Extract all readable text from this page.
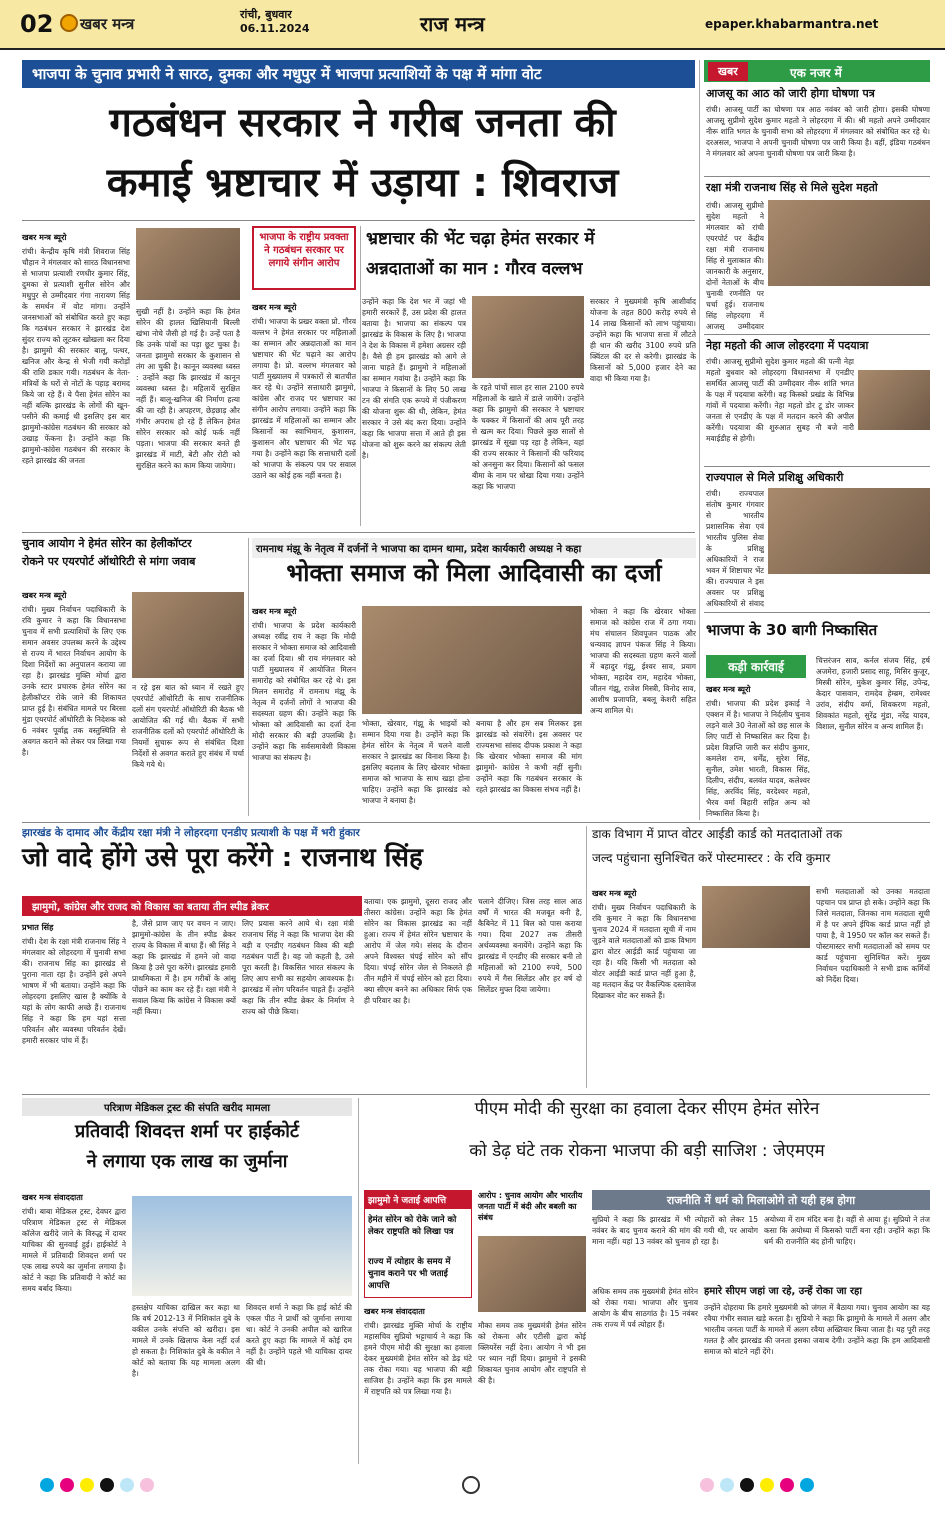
02 खबर मन्त्र
रांची, बुधवार
06.11.2024	राज मन्त्र	epaper.khabarmantra.net
भाजपा के चुनाव प्रभारी ने सारठ, दुमका और मधुपुर में भाजपा प्रत्याशियों के पक्ष में मांगा वोट
गठबंधन सरकार ने गरीब जनता की
कमाई भ्रष्टाचार में उड़ाया : शिवराज
खबर मन्त्र ब्यूरो
रांची। केन्द्रीय कृषि मंत्री शिवराज सिंह चौहान ने मंगलवार को सारठ विधानसभा से भाजपा प्रत्याशी रणधीर कुमार सिंह, दुमका से प्रत्याशी सुनील सोरेन और मधुपुर से उम्मीदवार गंगा नारायण सिंह के समर्थन में वोट मांगा। उन्होंने जनसभाओं को संबोधित करते हुए कहा कि गठबंधन सरकार ने झारखंड देश सुंदर राज्य को लूटकर खोखला कर दिया है। झामुमो की सरकार बालू, पत्थर, खनिज और केन्द्र से भेजी गयी करोड़ों की राशि डकार गयी। गठबंधन के नेता-मंत्रियों के घरों से नोटों के पहाड़ बरामद किये जा रहे हैं। ये पैसा हेमंत सोरेन का नहीं बल्कि झारखंड के लोगों की खून-पसीने की कमाई थी इसलिए इस बार झामुमो-कांग्रेस गठबंधन की सरकार को उखाड़ फेंकना है। उन्होंने कहा कि झामुमो-कांग्रेस गठबंधन की सरकार के रहते झारखंड की जनता
सुखी नहीं है। उन्होंने कहा कि हेमंत सोरेन की हालत खिसियानी बिल्ली खंभा नोचे जैसी हो गई है। उन्हें पता है कि उनके पांवों का पड़ा छूट चुका है। जनता झामुमो सरकार के कुशासन से तंग आ चुकी है। कानून व्यवस्था ध्वस्त : उन्होंने कहा कि झारखंड में कानून व्यवस्था ध्वस्त है। महिलायें सुरक्षित नहीं हैं। बालू-खनिज की निर्माण हत्या की जा रही है। अपहरण, छेड़छाड़ और गंभीर अपराध हो रहे हैं लेकिन हेमंत सोरेन सरकार को कोई फर्क नहीं पड़ता। भाजपा की सरकार बनते ही झारखंड में माटी, बेटी और रोटी को सुरक्षित करने का काम किया जायेगा।
भाजपा के राष्ट्रीय प्रवक्ता ने गठबंधन सरकार पर लगाये संगीन आरोप
भ्रष्टाचार की भेंट चढ़ा हेमंत सरकार में
अन्नदाताओं का मान : गौरव वल्लभ
खबर मन्त्र ब्यूरो
रांची। भाजपा के प्रखर वक्ता प्रो. गौरव वल्लभ ने हेमंत सरकार पर महिलाओं का सम्मान और अन्नदाताओं का मान भ्रष्टाचार की भेंट चढ़ाने का आरोप लगाया है। प्रो. वल्लभ मंगलवार को पार्टी मुख्यालय में पत्रकारों से बातचीत कर रहे थे। उन्होंने सत्ताधारी झामुमो, कांग्रेस और राजद पर भ्रष्टाचार का संगीन आरोप लगाया। उन्होंने कहा कि झारखंड में महिलाओं का सम्मान और किसानों का स्वाभिमान, कुशासन, कुशासन और भ्रष्टाचार की भेंट चढ़ गया है। उन्होंने कहा कि सत्ताधारी दलों को भाजपा के संकल्प पत्र पर सवाल उठाने का कोई हक नहीं बनता है।
उन्होंने कहा कि देश भर में जहां भी हमारी सरकारें हैं, उस प्रदेश की हालत बताया है। भाजपा का संकल्प पत्र झारखंड के विकास के लिए है। भाजपा ने देश के विकास में हमेशा अग्रसर रही है। वैसे ही हम झारखंड को आगे ले जाना चाहते हैं। झामुमो ने महिलाओं का सम्मान गवांया है। उन्होंने कहा कि भाजपा ने किसानों के लिए 50 लाख टन की संगति एक रूपये में पंजीकरण की योजना शुरू की थी, लेकिन, हेमंत सरकार ने उसे बंद करा दिया। उन्होंने कहा कि भाजपा सत्ता में आते ही इस योजना को शुरू करने का संकल्प लेती है।
के रहते पांचों साल हर साल 2100 रुपये महिलाओं के खाते में डाले जायेंगे। उन्होंने कहा कि झामुमो की सरकार ने भ्रष्टाचार के चक्कर में किसानों की आय पूरी तरह से खत्म कर दिया। पिछले कुछ सालों से झारखंड में सूखा पड़ रहा है लेकिन, यहां की राज्य सरकार ने किसानों की फरियाद को अनसुना कर दिया। किसानों को फसल बीमा के नाम पर धोखा दिया गया। उन्होंने कहा कि भाजपा
सरकार ने मुख्यमंत्री कृषि आशीर्वाद योजना के तहत 800 करोड़ रुपये से 14 लाख किसानों को लाभ पहुंचाया। उन्होंने कहा कि भाजपा सत्ता में लौटते ही धान की खरीद 3100 रुपये प्रति क्विंटल की दर से करेगी। झारखंड के किसानों को 5,000 हजार देने का वादा भी किया गया है।
खबर	एक नजर में
आजसू का आठ को जारी होगा घोषणा पत्र
रांची। आजसू पार्टी का घोषणा पत्र आठ नवंबर को जारी होगा। इसकी घोषणा आजसू सुप्रीमो सुदेश कुमार महतो ने लोहरदगा में की। श्री महतो अपने उम्मीदवार नीरू शांति भगत के चुनावी सभा को लोहरदगा में मंगलवार को संबोधित कर रहे थे। दरअसल, भाजपा ने अपनी चुनावी घोषणा पत्र जारी किया है। वहीं, इंडिया गठबंधन ने मंगलवार को अपना चुनावी घोषणा पत्र जारी किया है।
रक्षा मंत्री राजनाथ सिंह से मिले सुदेश महतो
रांची। आजसू सुप्रीमो सुदेश महतो ने मंगलवार को रांची एयरपोर्ट पर केंद्रीय रक्षा मंत्री राजनाथ सिंह से मुलाकात की। जानकारी के अनुसार, दोनों नेताओं के बीच चुनावी रणनीति पर चर्चा हुई। राजनाथ सिंह लोहरदगा में आजसू उम्मीदवार
नेहा महतो की आज लोहरदगा में पदयात्रा
रांची। आजसू सुप्रीमो सुदेश कुमार महतो की पत्नी नेहा महतो बुधवार को लोहरदगा विधानसभा में एनडीए समर्थित आजसू पार्टी की उम्मीदवार नीरू शांति भगत के पक्ष में पदयात्रा करेंगी। वह किस्को प्रखंड के विभिन्न गांवों में पदयात्रा करेंगी। नेहा महतो डोर टू डोर जाकर जनता से एनडीए के पक्ष में मतदान करने की अपील करेंगी। पदयात्रा की शुरुआत सुबह नौ बजे नारी मवाईडीह से होगी।
राज्यपाल से मिले प्रशिक्षु अधिकारी
रांची। राज्यपाल संतोष कुमार गंगवार से भारतीय प्रशासनिक सेवा एवं भारतीय पुलिस सेवा के प्रशिक्षु अधिकारियों ने राज भवन में शिष्टाचार भेंट की। राज्यपाल ने इस अवसर पर प्रशिक्षु अधिकारियों से संवाद
भाजपा के 30 बागी निष्कासित
कड़ी कार्रवाई
खबर मन्त्र ब्यूरो
रांची। भाजपा की प्रदेश इकाई ने एक्शन में है। भाजपा ने निर्दलीय चुनाव लड़ने वाले 30 नेताओं को छह साल के लिए पार्टी से निष्कासित कर दिया है। प्रदेश विज्ञप्ति जारी कर संदीप कुमार, कमलेश राम, धर्मेंद्र, सुरेश सिंह, सुनील, उमेश भारती, विकास सिंह, दिलीप, संदीप, बलवंत यादव, कलेश्वर सिंह, अरविंद सिंह, वरदेश्वर महतो, भैरव वर्मा बिहारी सहित अन्य को निष्कासित किया है।
चित्तरंजन साव, कर्नल संजय सिंह, हर्ष अजमेरा, हजारी प्रसाद साहू, मिसिर कुजूर, मिस्त्री सोरेन, मुकेश कुमार सिंह, उपेन्द्र, केदार पासवान, रामदेव हेम्ब्रम, रामेश्वर उरांव, संदीप वर्मा, शिवकरण महतो, शिवकांत महतो, सुरेंद्र मुंडा, नरेंद्र यादव, विशाल, सुनील सोरेन व अन्य शामिल हैं।
चुनाव आयोग ने हेमंत सोरेन का हेलीकॉप्टर
रोकने पर एयरपोर्ट ऑथोरिटी से मांगा जवाब
खबर मन्त्र ब्यूरो
रांची। मुख्य निर्वाचन पदाधिकारी के रवि कुमार ने कहा कि विधानसभा चुनाव में सभी प्रत्याशियों के लिए एक समान अवसर उपलब्ध करने के उद्देश्य से राज्य में भारत निर्वाचन आयोग के दिशा निर्देशों का अनुपालन कराया जा रहा है। झारखंड मुक्ति मोर्चा द्वारा उनके स्टार प्रचारक हेमंत सोरेन का हेलीकॉप्टर रोके जाने की शिकायत प्राप्त हुई है। संबंधित मामले पर बिरसा मुंडा एयरपोर्ट ऑथोरिटी के निदेशक को 6 नवंबर पूर्वाह्न तक वस्तुस्थिति से अवगत कराने को लेकर पत्र लिखा गया है।
न रहे इस बात को ध्यान में रखते हुए एयरपोर्ट ऑथोरिटी के साथ राजनीतिक दलों संग एयरपोर्ट ऑथोरिटी की बैठक भी आयोजित की गई थी। बैठक में सभी राजनीतिक दलों को एयरपोर्ट ऑथोरिटी के नियमों सुचारू रूप से संबंधित दिशा निर्देशों से अवगत कराते हुए संबंध में चर्चा किये गये थे।
रामनाथ मंझू के नेतृत्व में दर्जनों ने भाजपा का दामन थामा, प्रदेश कार्यकारी अध्यक्ष ने कहा
भोक्ता समाज को मिला आदिवासी का दर्जा
खबर मन्त्र ब्यूरो
रांची। भाजपा के प्रदेश कार्यकारी अध्यक्ष रवींद्र राय ने कहा कि मोदी सरकार ने भोक्ता समाज को आदिवासी का दर्जा दिया। श्री राय मंगलवार को पार्टी मुख्यालय में आयोजित मिलन समारोह को संबोधित कर रहे थे। इस मिलन समारोह में रामनाथ मंझू के नेतृत्व में दर्जनों लोगों ने भाजपा की सदस्यता ग्रहण की। उन्होंने कहा कि भोक्ता को आदिवासी का दर्जा देना मोदी सरकार की बड़ी उपलब्धि है। उन्होंने कहा कि सर्वसमावेशी विकास भाजपा का संकल्प है।
भोक्ता, खेरवार, गंझू के भाइयों को सम्मान दिया गया है। उन्होंने कहा कि हेमंत सोरेन के नेतृत्व में चलने वाली सरकार ने झारखंड का विनाश किया है। इसलिए बदलाव के लिए खेरवार भोक्ता समाज को भाजपा के साथ खड़ा होना चाहिए। उन्होंने कहा कि झारखंड को भाजपा ने बनाया है।
बनाया है और हम सब मिलकर इस झारखंड को संवारेंगे। इस अवसर पर राज्यसभा सांसद दीपक प्रकाश ने कहा कि खेरवार भोक्ता समाज की मांग झामुमो- कांग्रेस ने कभी नहीं सुनी। उन्होंने कहा कि गठबंधन सरकार के रहते झारखंड का विकास संभव नहीं है।
भोक्ता ने कहा कि खेरवार भोक्ता समाज को कांग्रेस राज में ठगा गया। मंच संचालन शिवपूजन पाठक और धन्यवाद ज्ञापन पंकज सिंह ने किया। भाजपा की सदस्यता ग्रहण करने वालों में बहादुर गंझू, ईश्वर साव, प्रयाग भोक्ता, महादेव राम, महादेव भोक्ता, जीतन गंझू, राजेश मिस्त्री, विनोद साव, आशीष प्रजापति, बबलू केशरी सहित अन्य शामिल थे।
झारखंड के दामाद और केंद्रीय रक्षा मंत्री ने लोहरदगा एनडीए प्रत्याशी के पक्ष में भरी हुंकार
जो वादे होंगे उसे पूरा करेंगे : राजनाथ सिंह
झामुमो, कांग्रेस और राजद को विकास का बताया तीन स्पीड ब्रेकर
प्रभात सिंह
रांची। देश के रक्षा मंत्री राजनाथ सिंह ने मंगलवार को लोहरदगा में चुनावी सभा की। राजनाथ सिंह का झारखंड से पुराना नाता रहा है। उन्होंने इसे अपने भाषण में भी बताया। उन्होंने कहा कि लोहरदगा इसलिए खास है क्योंकि वे यहां के लोग काफी अच्छे हैं। राजनाथ सिंह ने कहा कि हम यहां सत्ता परिवर्तन और व्यवस्था परिवर्तन देखें। हमारी सरकार पांच में हैं।
है, जैसे प्राण जाए पर वचन न जाए। झामुमो-कांग्रेस के तीन स्पीड ब्रेकर राज्य के विकास में बाधा हैं। श्री सिंह ने कहा कि झारखंड में हमने जो वादा किया है उसे पूरा करेंगे। झारखंड हमारी प्राथमिकता में है। हम गरीबों के आंसू पोंछने का काम कर रहे हैं। रक्षा मंत्री ने सवाल किया कि कांग्रेस ने विकास क्यों नहीं किया।
लिए प्रयास करने आये थे। रक्षा मंत्री राजनाथ सिंह ने कहा कि भाजपा देश की बड़ी व एनडीए गठबंधन विश्व की बड़ी गठबंधन पार्टी है। वह जो कहती है, उसे पूरा करती है। विकसित भारत संकल्प के लिए आप सभी का सहयोग आवश्यक है। झारखंड में लोग परिवर्तन चाहते हैं। उन्होंने कहा कि तीन स्पीड ब्रेकर के निर्माण ने राज्य को पीछे किया।
बताया। एक झामुमो, दूसरा राजद और तीसरा कांग्रेस। उन्होंने कहा कि हेमंत सोरेन का विकास झारखंड का नहीं हुआ। राज्य में हेमंत सोरेन भ्रष्टाचार के आरोप में जेल गये। संसद के दौरान अपने विश्वस्त चंपई सोरेन को सौंप दिया। चंपई सोरेन जेल से निकलते ही तीन महीने में चंपई सोरेन को हटा दिया। क्या सीएम बनने का अधिकार सिर्फ एक ही परिवार का है।
चलाने दीजिए। जिस तरह साल आठ वर्षों में भारत की मजबूत बनी है, कैबिनेट में 11 बिल को पास कराया गया। दिया 2027 तक तीसरी अर्थव्यवस्था बनायेंगे। उन्होंने कहा कि झारखंड में एनडीए की सरकार बनी तो महिलाओं को 2100 रुपये, 500 रुपये में गैस सिलेंडर और हर वर्ष दो सिलेंडर मुफ्त दिया जायेगा।
डाक विभाग में प्राप्त वोटर आईडी कार्ड को मतदाताओं तक
जल्द पहुंचाना सुनिश्चित करें पोस्टमास्टर : के रवि कुमार
खबर मन्त्र ब्यूरो
रांची। मुख्य निर्वाचन पदाधिकारी के रवि कुमार ने कहा कि विधानसभा चुनाव 2024 में मतदाता सूची में नाम जुड़ने वाले मतदाताओं को डाक विभाग द्वारा वोटर आईडी कार्ड पहुंचाया जा रहा है। यदि किसी भी मतदाता को वोटर आईडी कार्ड प्राप्त नहीं हुआ है, वह मतदान केंद्र पर वैकल्पिक दस्तावेज दिखाकर वोट कर सकते हैं।
सभी मतदाताओं को उनका मतदाता पहचान पत्र प्राप्त हो सके। उन्होंने कहा कि जिसे मतदाता, जिनका नाम मतदाता सूची में है पर अपने ईपिक कार्ड प्राप्त नहीं हो पाया है, वे 1950 पर कॉल कर सकते हैं। पोस्टमास्टर सभी मतदाताओं को समय पर कार्ड पहुंचाना सुनिश्चित करें। मुख्य निर्वाचन पदाधिकारी ने सभी डाक कर्मियों को निर्देश दिया।
परित्राण मेडिकल ट्रस्ट की संपति खरीद मामला
प्रतिवादी शिवदत्त शर्मा पर हाईकोर्ट
ने लगाया एक लाख का जुर्माना
खबर मन्त्र संवाददाता
रांची। बाबा मेडिकल ट्रस्ट, देवघर द्वारा परित्राण मेडिकल ट्रस्ट से मेडिकल कॉलेज खरीदे जाने के विरुद्ध में दायर याचिका की सुनवाई हुई। हाईकोर्ट ने मामले में प्रतिवादी शिवदत्त शर्मा पर एक लाख रुपये का जुर्माना लगाया है। कोर्ट ने कहा कि प्रतिवादी ने कोर्ट का समय बर्बाद किया।
हस्तक्षेप याचिका दाखिल कर कहा था कि वर्ष 2012-13 में निशिकांत दुबे के वकील उनके संपत्ति को खरीदा। इस मामले में उनके खिलाफ केस नहीं दर्ज हो सकता है। निशिकांत दुबे के वकील ने कोर्ट को बताया कि यह मामला अलग है।
शिवदत्त शर्मा ने कहा कि हाई कोर्ट की एकल पीठ ने प्रार्थी को जुर्माना लगाया था। कोर्ट ने उनकी अपील को खारिज करते हुए कहा कि मामले में कोई दम नहीं है। उन्होंने पहले भी याचिका दायर की थी।
पीएम मोदी की सुरक्षा का हवाला देकर सीएम हेमंत सोरेन
को डेढ़ घंटे तक रोकना भाजपा की बड़ी साजिश : जेएमएम
झामुमो ने जताई आपत्ति
हेमंत सोरेन को रोके जाने को लेकर राष्ट्रपति को लिखा पत्र
राज्य में त्योहार के समय में चुनाव कराने पर भी जताई आपत्ति
खबर मन्त्र संवाददाता
रांची। झारखंड मुक्ति मोर्चा के राष्ट्रीय महासचिव सुप्रियो भट्टाचार्य ने कहा कि हमने पीएम मोदी की सुरक्षा का हवाला देकर मुख्यमंत्री हेमंत सोरेन को डेढ़ घंटे तक रोका गया। यह भाजपा की बड़ी साजिश है। उन्होंने कहा कि इस मामले में राष्ट्रपति को पत्र लिखा गया है।
आरोप : चुनाव आयोग और भारतीय जनता पार्टी में बंदी और बबली का संबंध
मौका समय तक मुख्यमंत्री हेमंत सोरेन को रोकना और एटीसी द्वारा कोई क्लियरेंस नहीं देना। आयोग ने भी इस पर ध्यान नहीं दिया। झामुमो ने इसकी शिकायत चुनाव आयोग और राष्ट्रपति से की है।
राजनीति में धर्म को मिलाओगे तो यही हश्र होगा
सुप्रियो ने कहा कि झारखंड में भी त्योहारों को लेकर 15 नवंबर के बाद चुनाव कराने की मांग की गयी थी, पर आयोग माना नहीं। यहां 13 नवंबर को चुनाव हो रहा है।
अयोध्या में राम मंदिर बना है। वहीं से आया हूं। सुप्रियो ने तंज कसा कि अयोध्या में किसको पार्टी बना रही। उन्होंने कहा कि धर्म की राजनीति बंद होनी चाहिए।
हमारे सीएम जहां जा रहे, उन्हें रोका जा रहा
उन्होंने दोहराया कि हमारे मुख्यमंत्री को जंगल में बैठाया गया। चुनाव आयोग का यह रवैया गंभीर सवाल खड़े करता है। सुप्रियो ने कहा कि झामुमो के मामले में अलग और भारतीय जनता पार्टी के मामले में अलग रवैया अख्तियार किया जाता है। यह पूरी तरह गलत है और झारखंड की जनता इसका जवाब देगी। उन्होंने कहा कि हम आदिवासी समाज को बांटने नहीं देंगे।
अधिक समय तक मुख्यमंत्री हेमंत सोरेन को रोका गया। भाजपा और चुनाव आयोग के बीच साठगांठ है। 15 नवंबर तक राज्य में पर्व त्योहार हैं।
